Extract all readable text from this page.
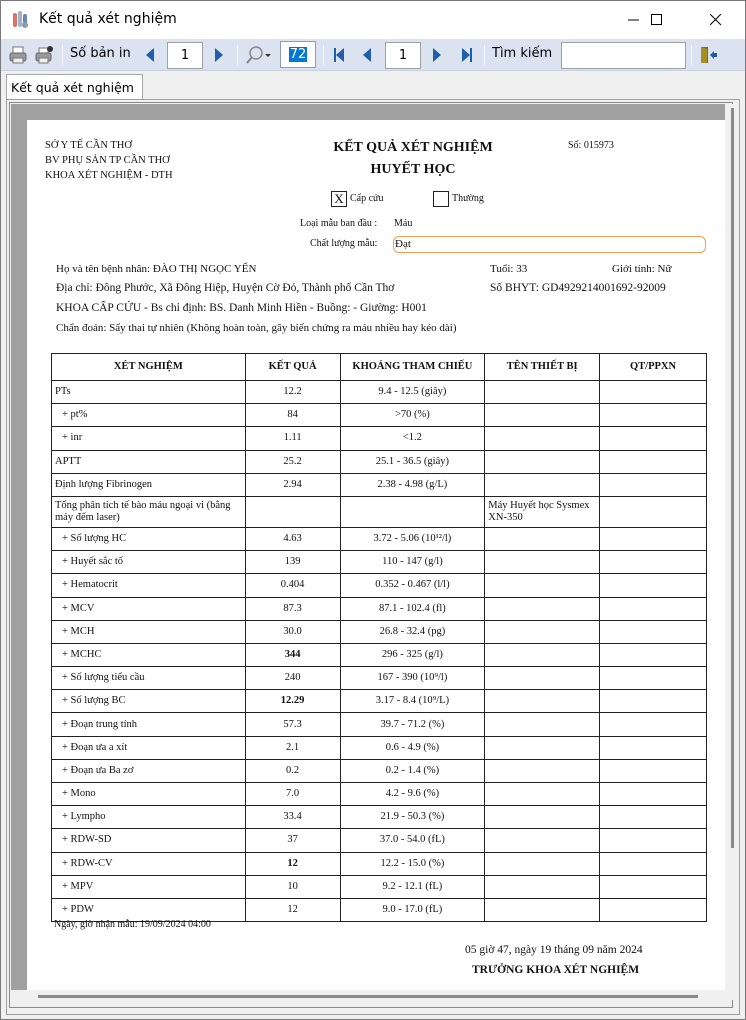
Kết quả xét nghiệm
Số bản in	1	72	1	Tìm kiếm
Kết quả xét nghiệm
SỞ Y TẾ CẦN THƠ
BV PHỤ SẢN TP CẦN THƠ
KHOA XÉT NGHIỆM - DTH
KẾT QUẢ XÉT NGHIỆM
HUYẾT HỌC
Số: 015973
X Cấp cứu	Thường
Loại mẫu ban đầu : Máu
Chất lượng mẫu: Đạt
Họ và tên bệnh nhân: ĐÀO THỊ NGỌC YẾN	Tuổi: 33	Giới tính: Nữ
Địa chỉ: Đông Phước, Xã Đông Hiệp, Huyện Cờ Đỏ, Thành phố Cần Thơ	Số BHYT: GD4929214001692-92009
KHOA CẤP CỨU - Bs chỉ định: BS. Danh Minh Hiền - Buồng: - Giường: H001
Chẩn đoán: Sẩy thai tự nhiên (Không hoàn toàn, gây biến chứng ra máu nhiều hay kéo dài)
XÉT NGHIỆM	KẾT QUẢ	KHOẢNG THAM CHIẾU	TÊN THIẾT BỊ	QT/PPXN
PTs	12.2	9.4 - 12.5 (giây)		
+ pt%	84	>70 (%)		
+ inr	1.11	<1.2		
APTT	25.2	25.1 - 36.5 (giây)		
Định lượng Fibrinogen	2.94	2.38 - 4.98 (g/L)		
Tổng phân tích tế bào máu ngoại vi (bằng máy đếm laser)			Máy Huyết học Sysmex XN-350	
+ Số lượng HC	4.63	3.72 - 5.06 (10¹²/l)		
+ Huyết sắc tố	139	110 - 147 (g/l)		
+ Hematocrit	0.404	0.352 - 0.467 (l/l)		
+ MCV	87.3	87.1 - 102.4 (fl)		
+ MCH	30.0	26.8 - 32.4 (pg)		
+ MCHC	344	296 - 325 (g/l)		
+ Số lượng tiểu cầu	240	167 - 390 (10⁹/l)		
+ Số lượng BC	12.29	3.17 - 8.4 (10⁹/L)		
+ Đoạn trung tính	57.3	39.7 - 71.2 (%)		
+ Đoạn ưa a xít	2.1	0.6 - 4.9 (%)		
+ Đoạn ưa Ba zơ	0.2	0.2 - 1.4 (%)		
+ Mono	7.0	4.2 - 9.6 (%)		
+ Lympho	33.4	21.9 - 50.3 (%)		
+ RDW-SD	37	37.0 - 54.0 (fL)		
+ RDW-CV	12	12.2 - 15.0 (%)		
+ MPV	10	9.2 - 12.1 (fL)		
+ PDW	12	9.0 - 17.0 (fL)		
Ngày, giờ nhận mẫu: 19/09/2024 04:00
05 giờ 47, ngày 19 tháng 09 năm 2024
TRƯỞNG KHOA XÉT NGHIỆM
